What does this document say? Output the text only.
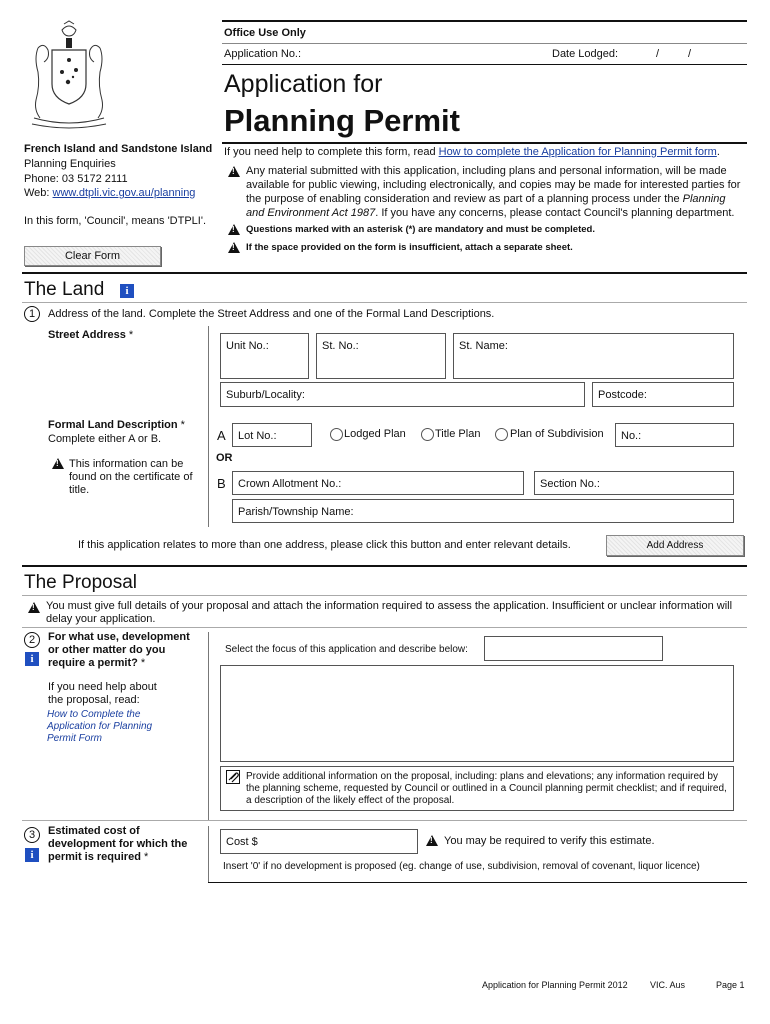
Office Use Only
Application No.:	Date Lodged:	/	/
Application for
Planning Permit
French Island and Sandstone Island
Planning Enquiries
Phone: 03 5172 2111
Web: www.dtpli.vic.gov.au/planning
In this form, 'Council', means 'DTPLI'.
Clear Form
If you need help to complete this form, read How to complete the Application for Planning Permit form.
!
Any material submitted with this application, including plans and personal information, will be made available for public viewing, including electronically, and copies may be made for interested parties for the purpose of enabling consideration and review as part of a planning process under the Planning and Environment Act 1987. If you have any concerns, please contact Council's planning department.
!
Questions marked with an asterisk (*) are mandatory and must be completed.
!
If the space provided on the form is insufficient, attach a separate sheet.
The Land	i
1	Address of the land. Complete the Street Address and one of the Formal Land Descriptions.
Street Address *
Unit No.:	St. No.:	St. Name:
Suburb/Locality:	Postcode:
Formal Land Description *
Complete either A or B.
!
This information can be found on the certificate of title.
A	Lot No.:	Lodged Plan	Title Plan	Plan of Subdivision	No.:
OR
B	Crown Allotment No.:	Section No.:
Parish/Township Name:
If this application relates to more than one address, please click this button and enter relevant details.	Add Address
The Proposal
!
You must give full details of your proposal and attach the information required to assess the application. Insufficient or unclear information will delay your application.
2
i
For what use, development or other matter do you require a permit? *
If you need help about the proposal, read:
How to Complete the Application for Planning Permit Form
Select the focus of this application and describe below:
Provide additional information on the proposal, including: plans and elevations; any information required by the planning scheme, requested by Council or outlined in a Council planning permit checklist; and if required, a description of the likely effect of the proposal.
3
i
Estimated cost of development for which the permit is required *
Cost $
!	You may be required to verify this estimate.
Insert '0' if no development is proposed (eg. change of use, subdivision, removal of covenant, liquor licence)
Application for Planning Permit 2012 VIC. Aus	Page 1
